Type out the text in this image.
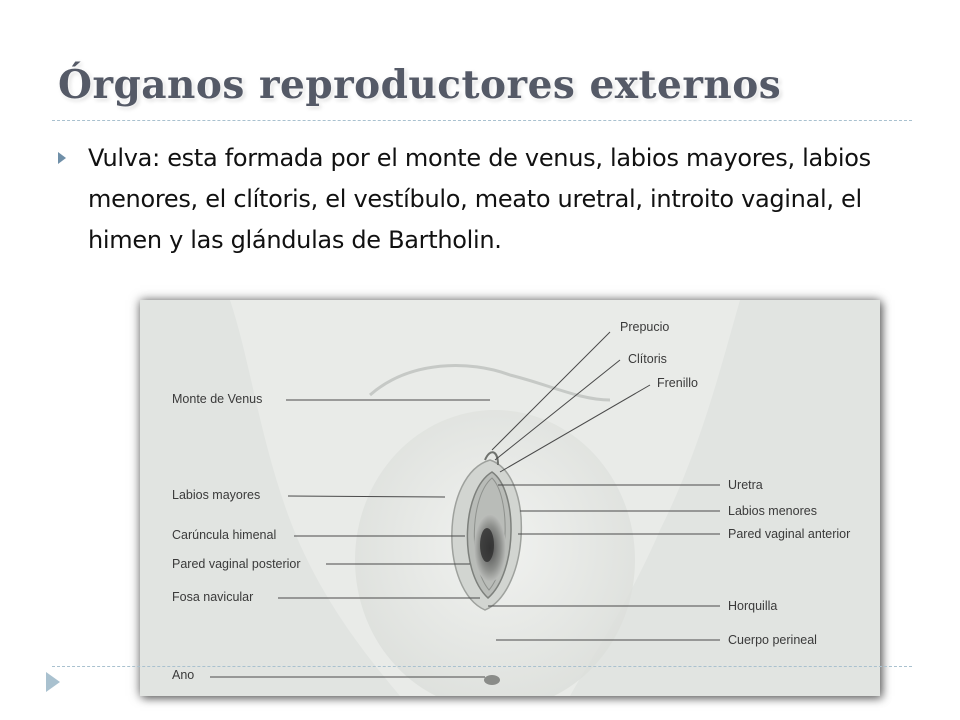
Órganos reproductores externos
Vulva: esta formada por el monte de venus, labios mayores, labios menores, el clítoris, el vestíbulo, meato uretral, introito vaginal, el himen y las glándulas de Bartholin.
Prepucio
Clítoris
Frenillo
Monte de Venus
Labios mayores
Carúncula himenal
Pared vaginal posterior
Fosa navicular
Ano
Uretra
Labios menores
Pared vaginal anterior
Horquilla
Cuerpo perineal
